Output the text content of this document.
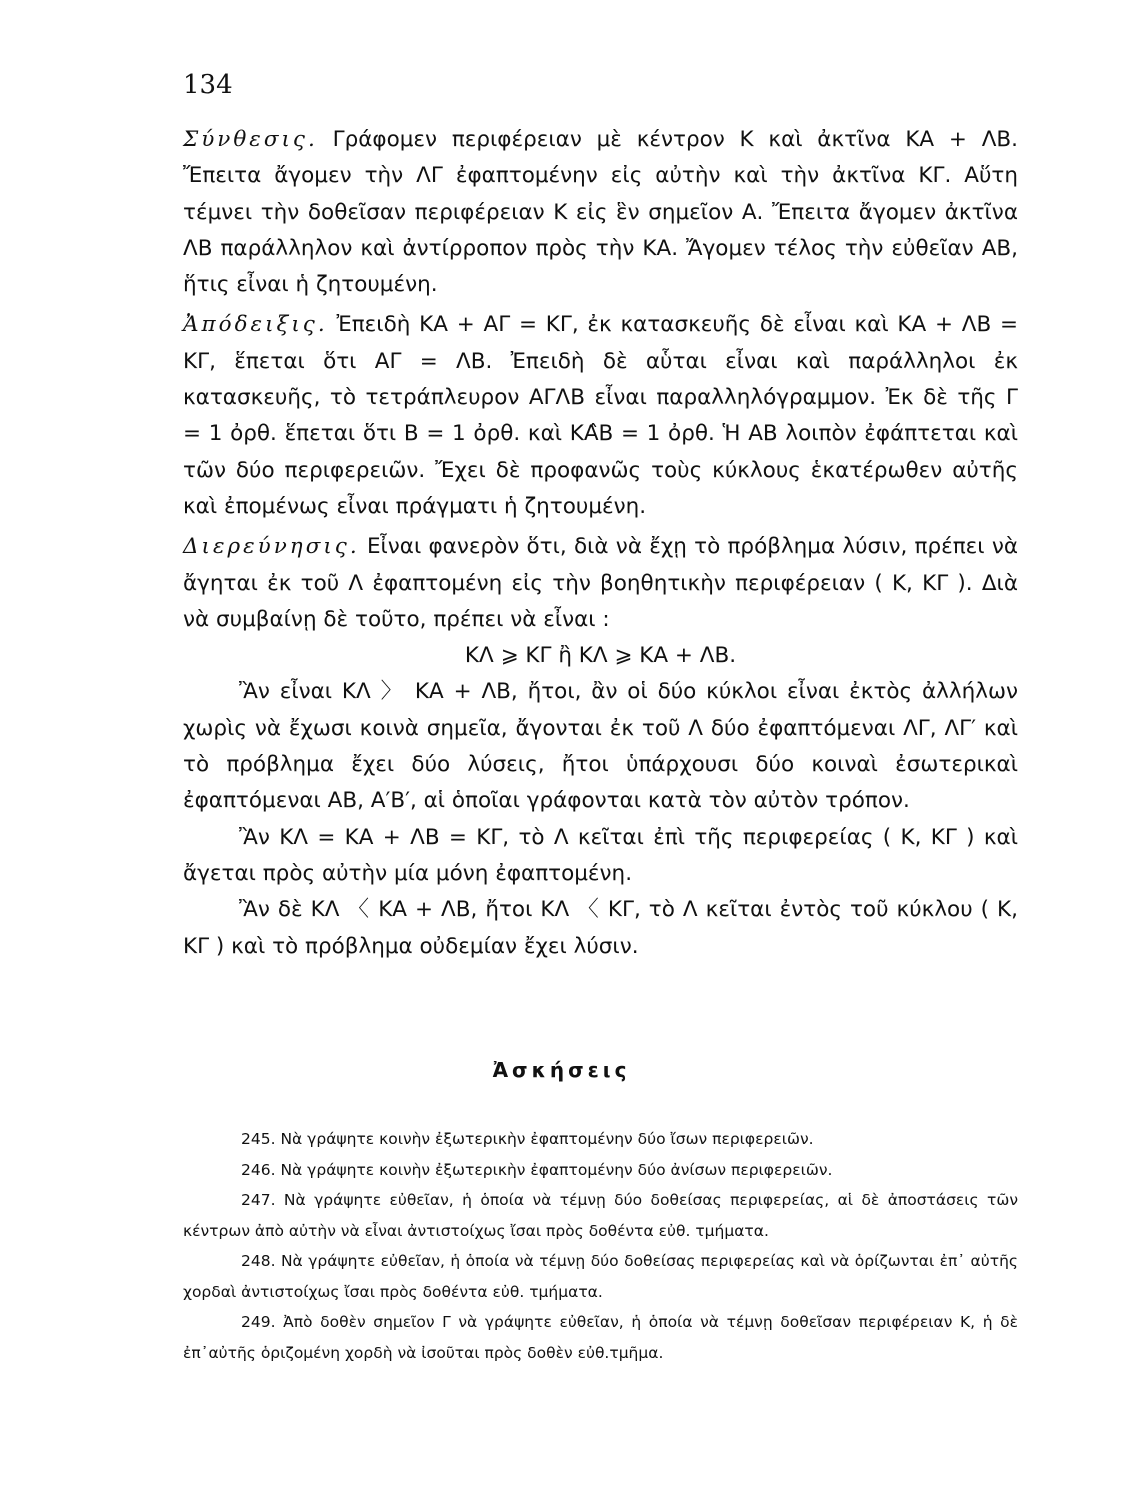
134

Σύνθεσις. Γράφομεν περιφέρειαν μὲ κέντρον Κ καὶ ἀκτῖνα ΚΑ + ΛΒ. Ἔπειτα ἄγομεν τὴν ΛΓ ἐφαπτομένην εἰς αὐτὴν καὶ τὴν ἀκτῖνα ΚΓ. Αὕτη τέμνει τὴν δοθεῖσαν περιφέρειαν Κ εἰς ἓν σημεῖον Α. Ἔπειτα ἄγομεν ἀκτῖνα ΛΒ παράλληλον καὶ ἀντίρροπον πρὸς τὴν ΚΑ. Ἄγομεν τέλος τὴν εὐθεῖαν ΑΒ, ἥτις εἶναι ἡ ζητουμένη.

Ἀπόδειξις. Ἐπειδὴ ΚΑ + ΑΓ = ΚΓ, ἐκ κατασκευῆς δὲ εἶναι καὶ ΚΑ + ΛΒ = ΚΓ, ἕπεται ὅτι ΑΓ = ΛΒ. Ἐπειδὴ δὲ αὗται εἶναι καὶ παράλληλοι ἐκ κατασκευῆς, τὸ τετράπλευρον ΑΓΛΒ εἶναι παραλληλόγραμμον. Ἐκ δὲ τῆς Γ = 1 ὀρθ. ἕπεται ὅτι Β = 1 ὀρθ. καὶ ΚΑ̂Β = 1 ὀρθ. Ἡ ΑΒ λοιπὸν ἐφάπτεται καὶ τῶν δύο περιφερειῶν. Ἔχει δὲ προφανῶς τοὺς κύκλους ἑκατέρωθεν αὐτῆς καὶ ἐπομένως εἶναι πράγματι ἡ ζητουμένη.

Διερεύνησις. Εἶναι φανερὸν ὅτι, διὰ νὰ ἔχῃ τὸ πρόβλημα λύσιν, πρέπει νὰ ἄγηται ἐκ τοῦ Λ ἐφαπτομένη εἰς τὴν βοηθητικὴν περιφέρειαν ( Κ, ΚΓ ). Διὰ νὰ συμβαίνῃ δὲ τοῦτο, πρέπει νὰ εἶναι :

ΚΛ ⩾ ΚΓ ἢ ΚΛ ⩾ ΚΑ + ΛΒ.

Ἂν εἶναι ΚΛ 〉 ΚΑ + ΛΒ, ἤτοι, ἂν οἱ δύο κύκλοι εἶναι ἐκτὸς ἀλλήλων χωρὶς νὰ ἔχωσι κοινὰ σημεῖα, ἄγονται ἐκ τοῦ Λ δύο ἐφαπτόμεναι ΛΓ, ΛΓ′ καὶ τὸ πρόβλημα ἔχει δύο λύσεις, ἤτοι ὑπάρχουσι δύο κοιναὶ ἐσωτερικαὶ ἐφαπτόμεναι ΑΒ, Α′Β′, αἱ ὁποῖαι γράφονται κατὰ τὸν αὐτὸν τρόπον.

Ἂν ΚΛ = ΚΑ + ΛΒ = ΚΓ, τὸ Λ κεῖται ἐπὶ τῆς περιφερείας ( Κ, ΚΓ ) καὶ ἄγεται πρὸς αὐτὴν μία μόνη ἐφαπτομένη.

Ἂν δὲ ΚΛ 〈 ΚΑ + ΛΒ, ἤτοι ΚΛ 〈 ΚΓ, τὸ Λ κεῖται ἐντὸς τοῦ κύκλου ( Κ, ΚΓ ) καὶ τὸ πρόβλημα οὐδεμίαν ἔχει λύσιν.

Ἀσκήσεις

245. Νὰ γράψητε κοινὴν ἐξωτερικὴν ἐφαπτομένην δύο ἴσων περιφερειῶν.

246. Νὰ γράψητε κοινὴν ἐξωτερικὴν ἐφαπτομένην δύο ἀνίσων περιφερειῶν.

247. Νὰ γράψητε εὐθεῖαν, ἡ ὁποία νὰ τέμνῃ δύο δοθείσας περιφερείας, αἱ δὲ ἀποστάσεις τῶν κέντρων ἀπὸ αὐτὴν νὰ εἶναι ἀντιστοίχως ἴσαι πρὸς δοθέντα εὐθ. τμήματα.

248. Νὰ γράψητε εὐθεῖαν, ἡ ὁποία νὰ τέμνῃ δύο δοθείσας περιφερείας καὶ νὰ ὁρίζωνται ἐπ᾽ αὐτῆς χορδαὶ ἀντιστοίχως ἴσαι πρὸς δοθέντα εὐθ. τμήματα.

249. Ἀπὸ δοθὲν σημεῖον Γ νὰ γράψητε εὐθεῖαν, ἡ ὁποία νὰ τέμνῃ δοθεῖσαν περιφέρειαν Κ, ἡ δὲ ἐπ᾽αὐτῆς ὁριζομένη χορδὴ νὰ ἰσοῦται πρὸς δοθὲν εὐθ.τμῆμα.
